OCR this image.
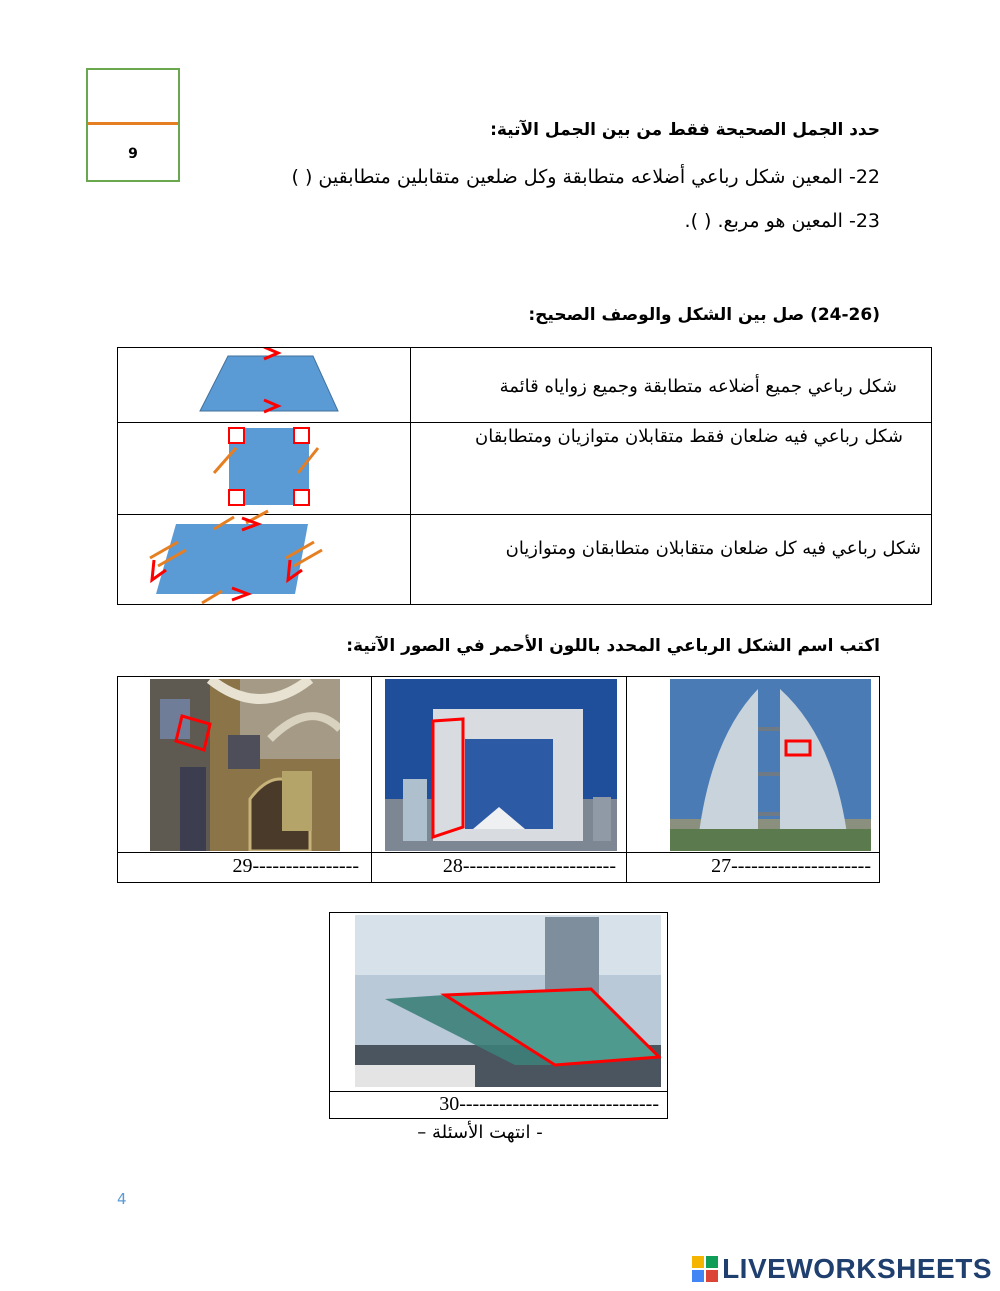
9
حدد الجمل الصحيحة فقط من بين الجمل الآتية:
22- المعين شكل رباعي أضلاعه متطابقة وكل ضلعين متقابلين متطابقين ( )
23- المعين هو مربع. ( ).
(24-26) صل بين الشكل والوصف الصحيح:
شكل رباعي جميع أضلاعه متطابقة وجميع زواياه قائمة
شكل رباعي فيه ضلعان فقط متقابلان متوازيان ومتطابقان
شكل رباعي فيه كل ضلعان متقابلان متطابقان ومتوازيان
اكتب اسم الشكل الرباعي المحدد باللون الأحمر في الصور الآتية:
29----------------	28-----------------------	27---------------------
30------------------------------
- انتهت الأسئلة –
4
LIVEWORKSHEETS
